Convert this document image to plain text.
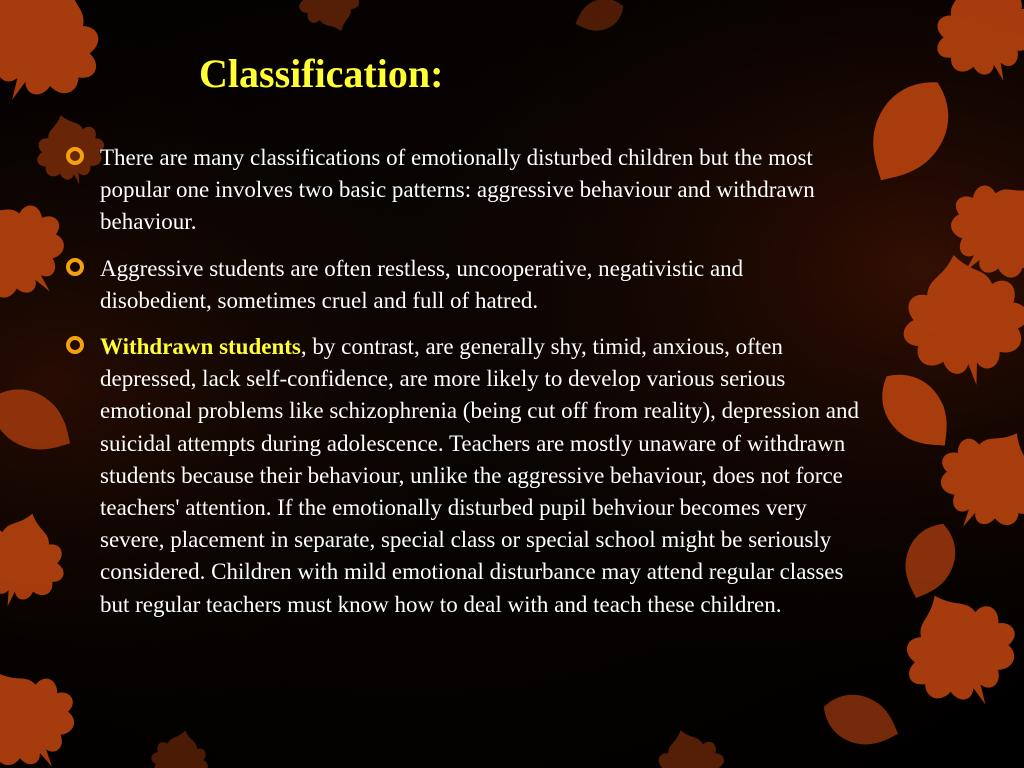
Classification:

There are many classifications of emotionally disturbed children but the most popular one involves two basic patterns: aggressive behaviour and withdrawn behaviour.

Aggressive students are often restless, uncooperative, negativistic and disobedient, sometimes cruel and full of hatred.

Withdrawn students, by contrast, are generally shy, timid, anxious, often depressed, lack self-confidence, are more likely to develop various serious emotional problems like schizophrenia (being cut off from reality), depression and suicidal attempts during adolescence. Teachers are mostly unaware of withdrawn students because their behaviour, unlike the aggressive behaviour, does not force teachers' attention. If the emotionally disturbed pupil behviour becomes very severe, placement in separate, special class or special school might be seriously considered. Children with mild emotional disturbance may attend regular classes but regular teachers must know how to deal with and teach these children.
